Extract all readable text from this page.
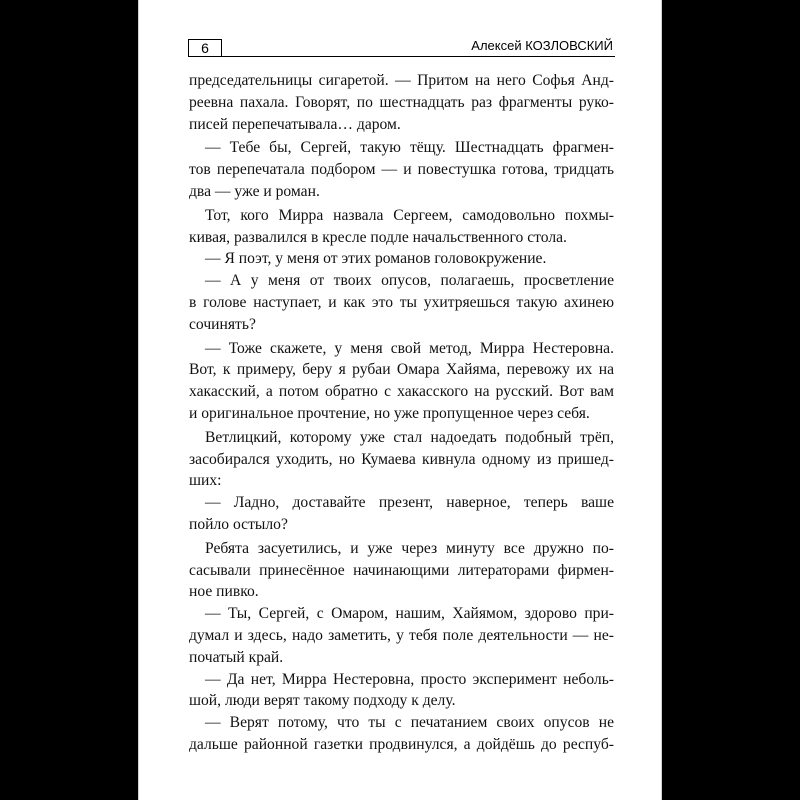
6	Алексей КОЗЛОВСКИЙ
председательницы сигаретой. — Притом на него Софья Анд-
реевна пахала. Говорят, по шестнадцать раз фрагменты руко-
писей перепечатывала… даром.
— Тебе бы, Сергей, такую тёщу. Шестнадцать фрагмен-
тов перепечатала подбором — и повестушка готова, тридцать
два — уже и роман.
Тот, кого Мирра назвала Сергеем, самодовольно похмы-
кивая, развалился в кресле подле начальственного стола.
— Я поэт, у меня от этих романов головокружение.
— А у меня от твоих опусов, полагаешь, просветление
в голове наступает, и как это ты ухитряешься такую ахинею
сочинять?
— Тоже скажете, у меня свой метод, Мирра Нестеровна.
Вот, к примеру, беру я рубаи Омара Хайяма, перевожу их на
хакасский, а потом обратно с хакасского на русский. Вот вам
и оригинальное прочтение, но уже пропущенное через себя.
Ветлицкий, которому уже стал надоедать подобный трёп,
засобирался уходить, но Кумаева кивнула одному из пришед-
ших:
— Ладно, доставайте презент, наверное, теперь ваше
пойло остыло?
Ребята засуетились, и уже через минуту все дружно по-
сасывали принесённое начинающими литераторами фирмен-
ное пивко.
— Ты, Сергей, с Омаром, нашим, Хайямом, здорово при-
думал и здесь, надо заметить, у тебя поле деятельности — не-
початый край.
— Да нет, Мирра Нестеровна, просто эксперимент неболь-
шой, люди верят такому подходу к делу.
— Верят потому, что ты с печатанием своих опусов не
дальше районной газетки продвинулся, а дойдёшь до респуб-
